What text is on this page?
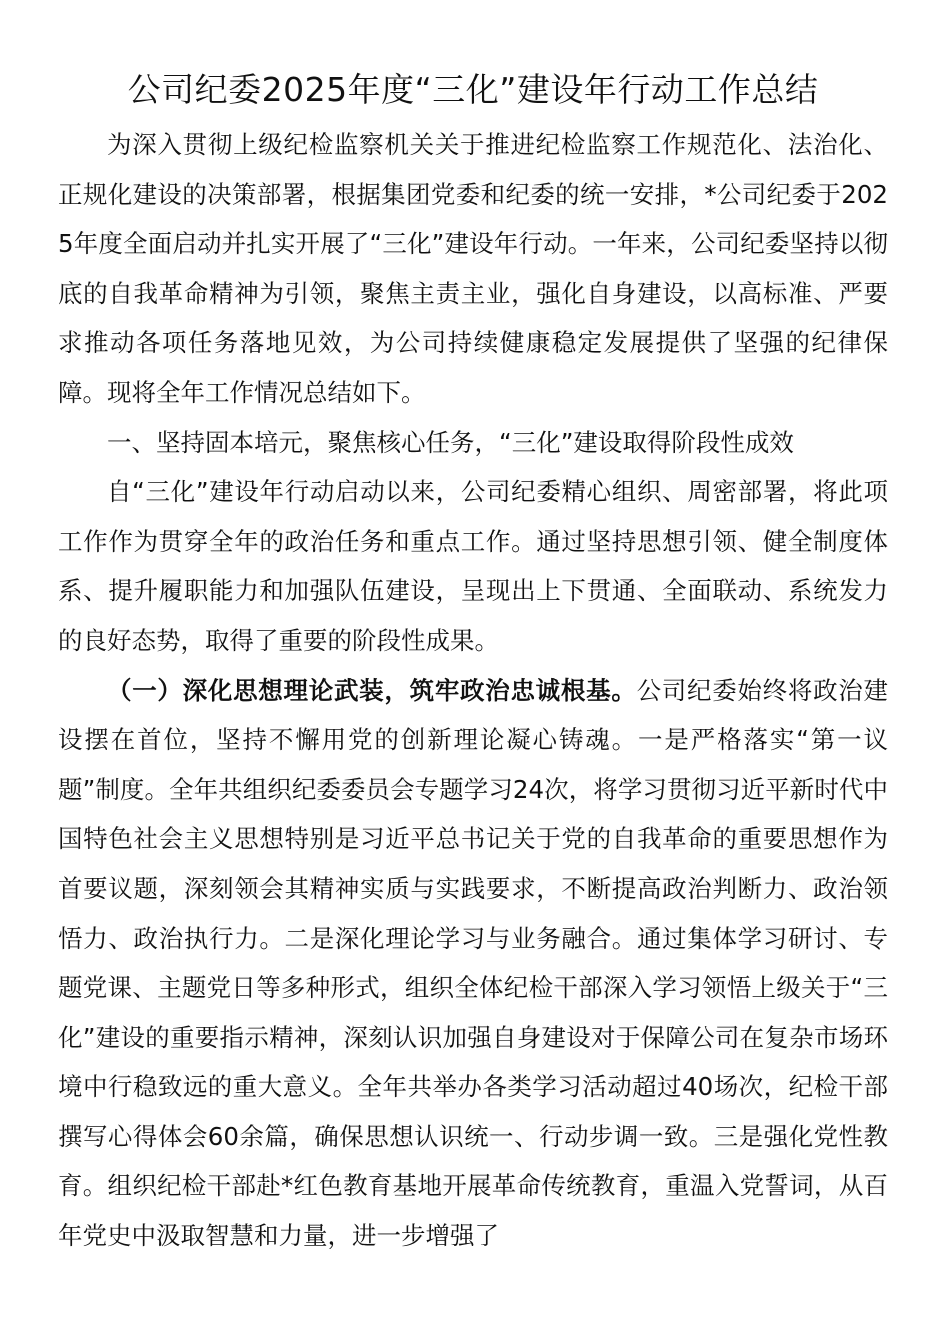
公司纪委2025年度“三化”建设年行动工作总结

为深入贯彻上级纪检监察机关关于推进纪检监察工作规范化、法治化、正规化建设的决策部署，根据集团党委和纪委的统一安排，*公司纪委于2025年度全面启动并扎实开展了“三化”建设年行动。一年来，公司纪委坚持以彻底的自我革命精神为引领，聚焦主责主业，强化自身建设，以高标准、严要求推动各项任务落地见效，为公司持续健康稳定发展提供了坚强的纪律保障。现将全年工作情况总结如下。

一、坚持固本培元，聚焦核心任务，“三化”建设取得阶段性成效

自“三化”建设年行动启动以来，公司纪委精心组织、周密部署，将此项工作作为贯穿全年的政治任务和重点工作。通过坚持思想引领、健全制度体系、提升履职能力和加强队伍建设，呈现出上下贯通、全面联动、系统发力的良好态势，取得了重要的阶段性成果。

（一）深化思想理论武装，筑牢政治忠诚根基。公司纪委始终将政治建设摆在首位，坚持不懈用党的创新理论凝心铸魂。一是严格落实“第一议题”制度。全年共组织纪委委员会专题学习24次，将学习贯彻习近平新时代中国特色社会主义思想特别是习近平总书记关于党的自我革命的重要思想作为首要议题，深刻领会其精神实质与实践要求，不断提高政治判断力、政治领悟力、政治执行力。二是深化理论学习与业务融合。通过集体学习研讨、专题党课、主题党日等多种形式，组织全体纪检干部深入学习领悟上级关于“三化”建设的重要指示精神，深刻认识加强自身建设对于保障公司在复杂市场环境中行稳致远的重大意义。全年共举办各类学习活动超过40场次，纪检干部撰写心得体会60余篇，确保思想认识统一、行动步调一致。三是强化党性教育。组织纪检干部赴*红色教育基地开展革命传统教育，重温入党誓词，从百年党史中汲取智慧和力量，进一步增强了
